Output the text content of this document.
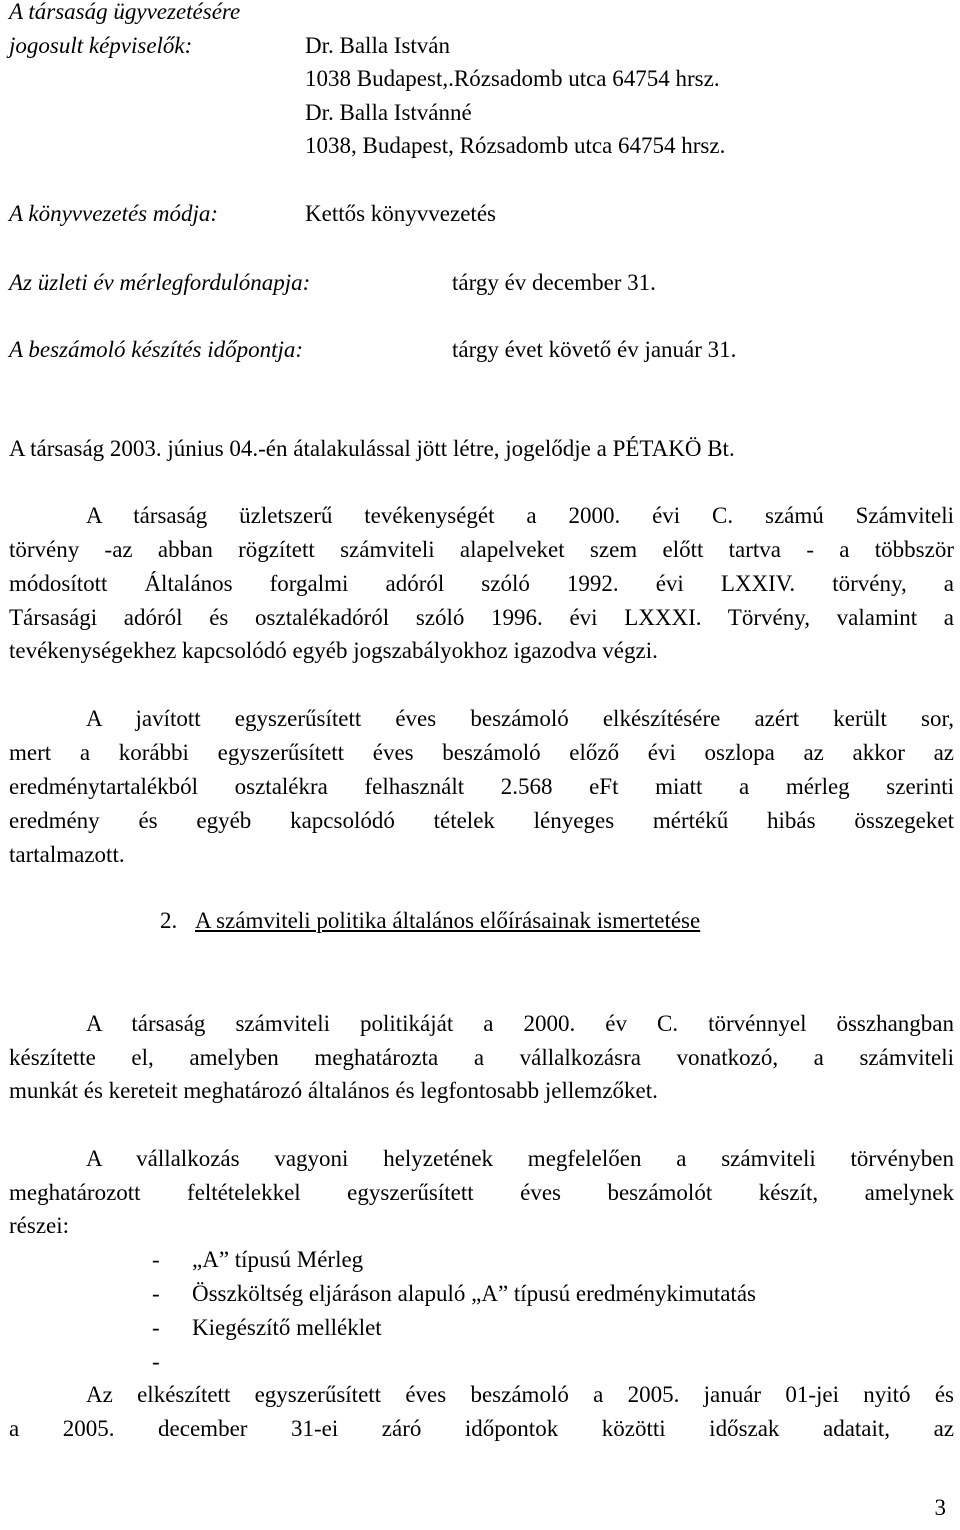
A társaság ügyvezetésére
jogosult képviselők:	Dr. Balla István
1038 Budapest,.Rózsadomb utca 64754 hrsz.
Dr. Balla Istvánné
1038, Budapest, Rózsadomb utca 64754 hrsz.
A könyvvezetés módja:	Kettős könyvvezetés
Az üzleti év mérlegfordulónapja:	tárgy év december 31.
A beszámoló készítés időpontja:	tárgy évet követő év január 31.
A társaság 2003. június 04.-én átalakulással jött létre, jogelődje a PÉTAKÖ Bt.
A társaság üzletszerű tevékenységét a 2000. évi C. számú Számviteli
törvény -az abban rögzített számviteli alapelveket szem előtt tartva - a többször
módosított Általános forgalmi adóról szóló 1992. évi LXXIV. törvény, a
Társasági adóról és osztalékadóról szóló 1996. évi LXXXI. Törvény, valamint a
tevékenységekhez kapcsolódó egyéb jogszabályokhoz igazodva végzi.
A javított egyszerűsített éves beszámoló elkészítésére azért került sor,
mert a korábbi egyszerűsített éves beszámoló előző évi oszlopa az akkor az
eredménytartalékból osztalékra felhasznált 2.568 eFt miatt a mérleg szerinti
eredmény és egyéb kapcsolódó tételek lényeges mértékű hibás összegeket
tartalmazott.
2. A számviteli politika általános előírásainak ismertetése
A társaság számviteli politikáját a 2000. év C. törvénnyel összhangban
készítette el, amelyben meghatározta a vállalkozásra vonatkozó, a számviteli
munkát és kereteit meghatározó általános és legfontosabb jellemzőket.
A vállalkozás vagyoni helyzetének megfelelően a számviteli törvényben
meghatározott feltételekkel egyszerűsített éves beszámolót készít, amelynek
részei:
- „A” típusú Mérleg
- Összköltség eljáráson alapuló „A” típusú eredménykimutatás
- Kiegészítő melléklet
-
Az elkészített egyszerűsített éves beszámoló a 2005. január 01-jei nyitó és
a 2005. december 31-ei záró időpontok közötti időszak adatait, az
3
